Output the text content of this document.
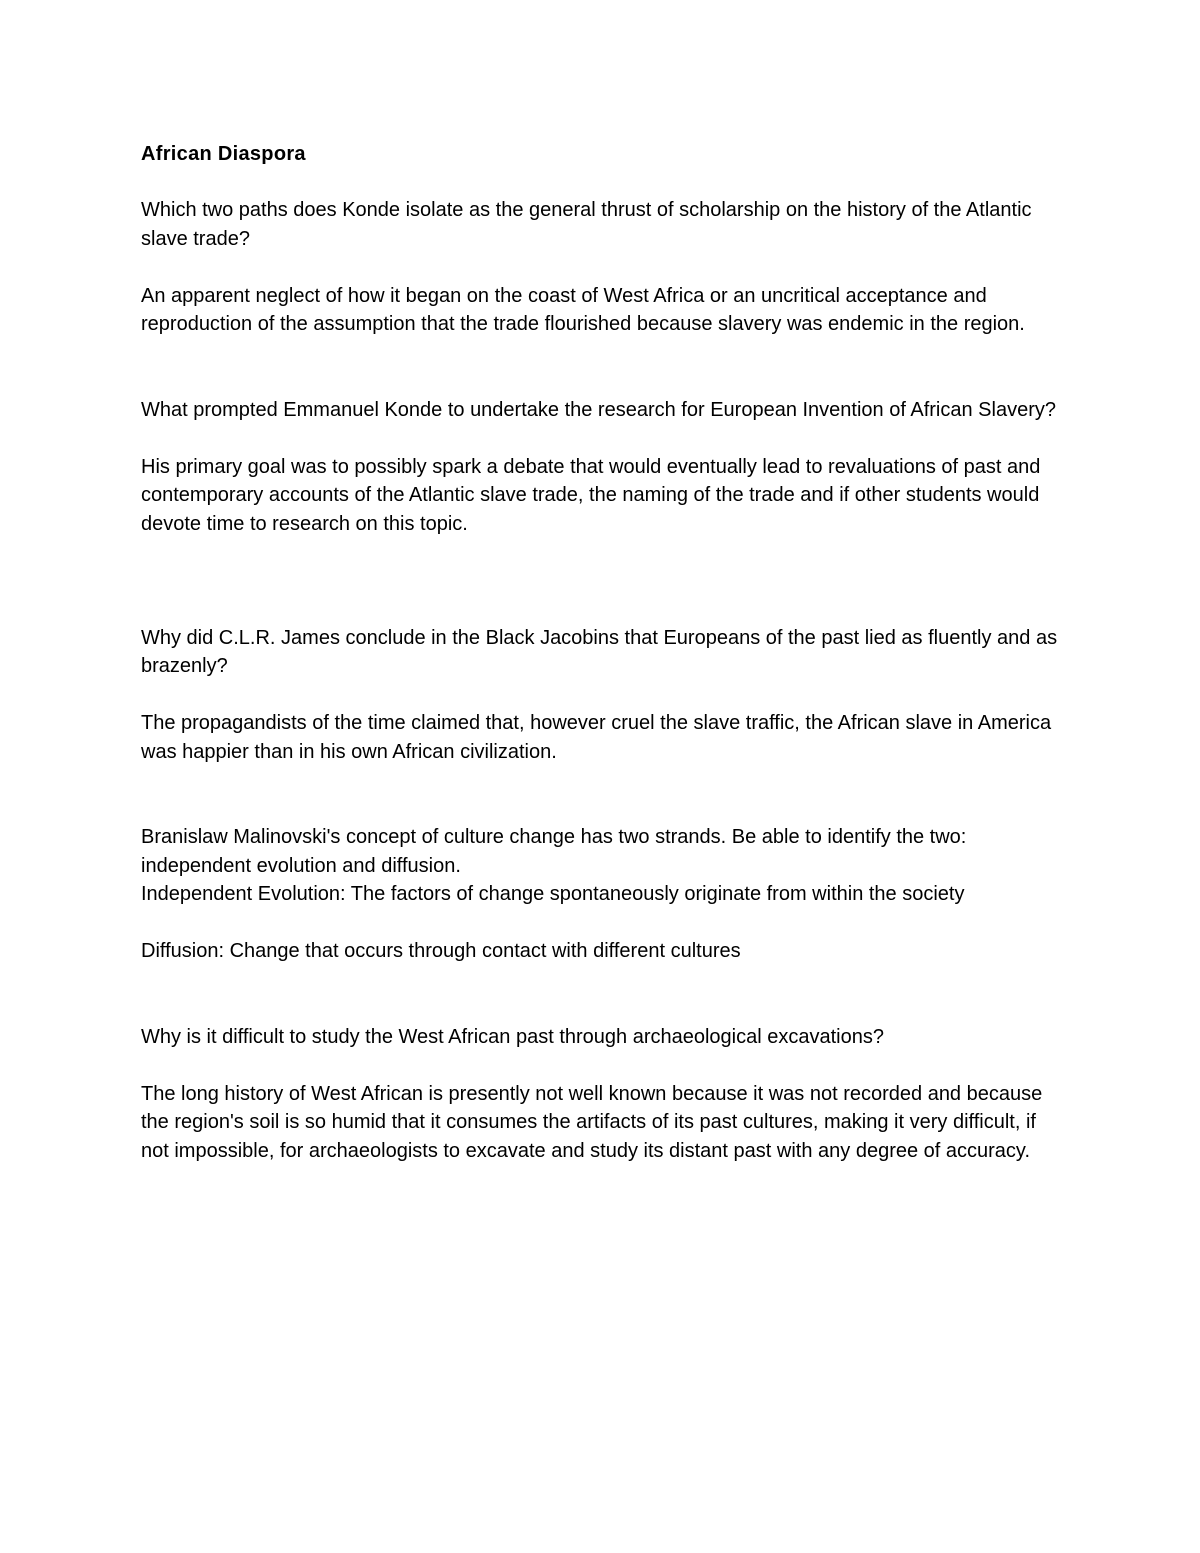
African Diaspora

Which two paths does Konde isolate as the general thrust of scholarship on the history of the Atlantic slave trade?

An apparent neglect of how it began on the coast of West Africa or an uncritical acceptance and reproduction of the assumption that the trade flourished because slavery was endemic in the region.

What prompted Emmanuel Konde to undertake the research for European Invention of African Slavery?

His primary goal was to possibly spark a debate that would eventually lead to revaluations of past and contemporary accounts of the Atlantic slave trade, the naming of the trade and if other students would devote time to research on this topic.

Why did C.L.R. James conclude in the Black Jacobins that Europeans of the past lied as fluently and as brazenly?

The propagandists of the time claimed that, however cruel the slave traffic, the African slave in America was happier than in his own African civilization.

Branislaw Malinovski's concept of culture change has two strands. Be able to identify the two: independent evolution and diffusion.

Independent Evolution: The factors of change spontaneously originate from within the society

Diffusion: Change that occurs through contact with different cultures

Why is it difficult to study the West African past through archaeological excavations?

The long history of West African is presently not well known because it was not recorded and because the region's soil is so humid that it consumes the artifacts of its past cultures, making it very difficult, if not impossible, for archaeologists to excavate and study its distant past with any degree of accuracy.
